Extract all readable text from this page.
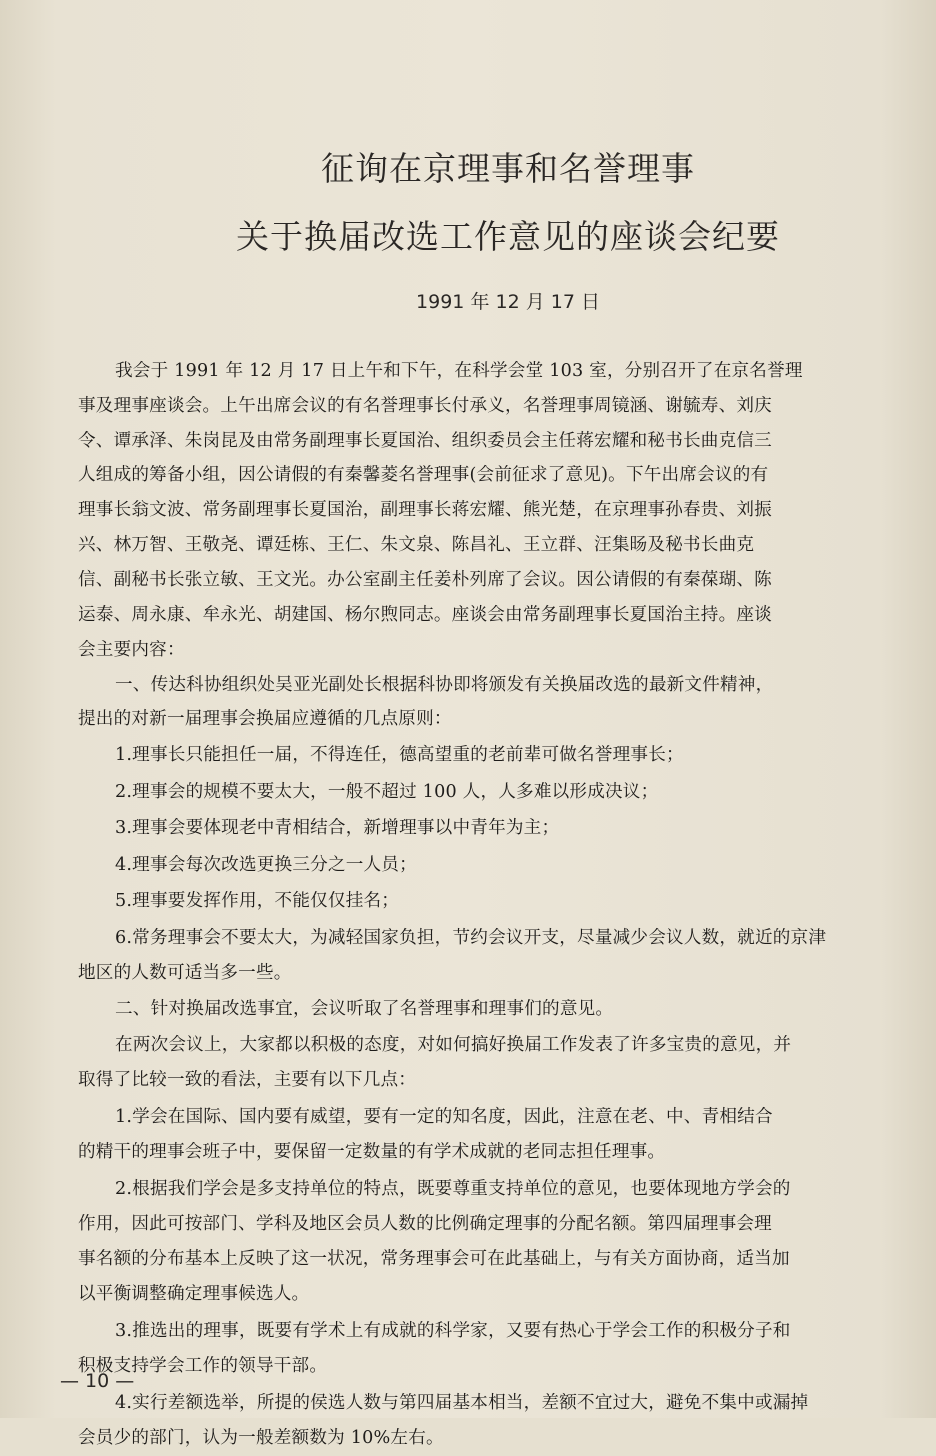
征询在京理事和名誉理事
关于换届改选工作意见的座谈会纪要
1991 年 12 月 17 日
我会于 1991 年 12 月 17 日上午和下午，在科学会堂 103 室，分别召开了在京名誉理
事及理事座谈会。上午出席会议的有名誉理事长付承义，名誉理事周镜涵、谢毓寿、刘庆
令、谭承泽、朱岗昆及由常务副理事长夏国治、组织委员会主任蒋宏耀和秘书长曲克信三
人组成的筹备小组，因公请假的有秦馨菱名誉理事(会前征求了意见)。下午出席会议的有
理事长翁文波、常务副理事长夏国治，副理事长蒋宏耀、熊光楚，在京理事孙春贵、刘振
兴、林万智、王敬尧、谭廷栋、王仁、朱文泉、陈昌礼、王立群、汪集旸及秘书长曲克
信、副秘书长张立敏、王文光。办公室副主任姜朴列席了会议。因公请假的有秦葆瑚、陈
运泰、周永康、牟永光、胡建国、杨尔煦同志。座谈会由常务副理事长夏国治主持。座谈
会主要内容：
一、传达科协组织处吴亚光副处长根据科协即将颁发有关换届改选的最新文件精神，
提出的对新一届理事会换届应遵循的几点原则：
1.理事长只能担任一届，不得连任，德高望重的老前辈可做名誉理事长；
2.理事会的规模不要太大，一般不超过 100 人，人多难以形成决议；
3.理事会要体现老中青相结合，新增理事以中青年为主；
4.理事会每次改选更换三分之一人员；
5.理事要发挥作用，不能仅仅挂名；
6.常务理事会不要太大，为减轻国家负担，节约会议开支，尽量减少会议人数，就近的京津
地区的人数可适当多一些。
二、针对换届改选事宜，会议听取了名誉理事和理事们的意见。
在两次会议上，大家都以积极的态度，对如何搞好换届工作发表了许多宝贵的意见，并
取得了比较一致的看法，主要有以下几点：
1.学会在国际、国内要有威望，要有一定的知名度，因此，注意在老、中、青相结合
的精干的理事会班子中，要保留一定数量的有学术成就的老同志担任理事。
2.根据我们学会是多支持单位的特点，既要尊重支持单位的意见，也要体现地方学会的
作用，因此可按部门、学科及地区会员人数的比例确定理事的分配名额。第四届理事会理
事名额的分布基本上反映了这一状况，常务理事会可在此基础上，与有关方面协商，适当加
以平衡调整确定理事候选人。
3.推选出的理事，既要有学术上有成就的科学家，又要有热心于学会工作的积极分子和
积极支持学会工作的领导干部。
4.实行差额选举，所提的侯选人数与第四届基本相当，差额不宜过大，避免不集中或漏掉
会员少的部门，认为一般差额数为 10%左右。
— 10 —
